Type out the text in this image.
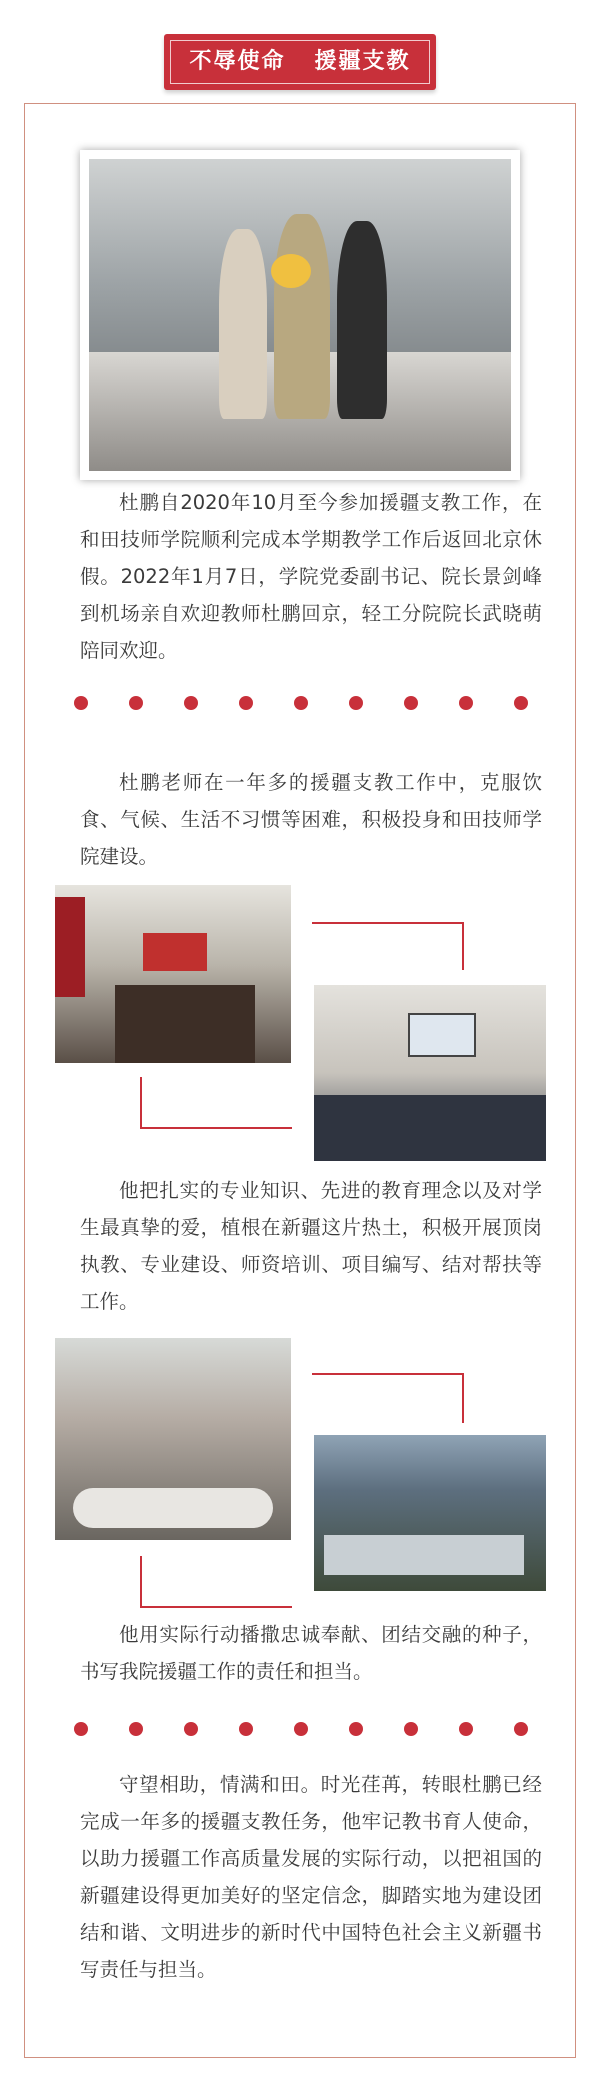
不辱使命   援疆支教

杜鹏自2020年10月至今参加援疆支教工作，在和田技师学院顺利完成本学期教学工作后返回北京休假。2022年1月7日，学院党委副书记、院长景剑峰到机场亲自欢迎教师杜鹏回京，轻工分院院长武晓萌陪同欢迎。

杜鹏老师在一年多的援疆支教工作中，克服饮食、气候、生活不习惯等困难，积极投身和田技师学院建设。

他把扎实的专业知识、先进的教育理念以及对学生最真挚的爱，植根在新疆这片热土，积极开展顶岗执教、专业建设、师资培训、项目编写、结对帮扶等工作。

他用实际行动播撒忠诚奉献、团结交融的种子，书写我院援疆工作的责任和担当。

守望相助，情满和田。时光荏苒，转眼杜鹏已经完成一年多的援疆支教任务，他牢记教书育人使命，以助力援疆工作高质量发展的实际行动，以把祖国的新疆建设得更加美好的坚定信念，脚踏实地为建设团结和谐、文明进步的新时代中国特色社会主义新疆书写责任与担当。
